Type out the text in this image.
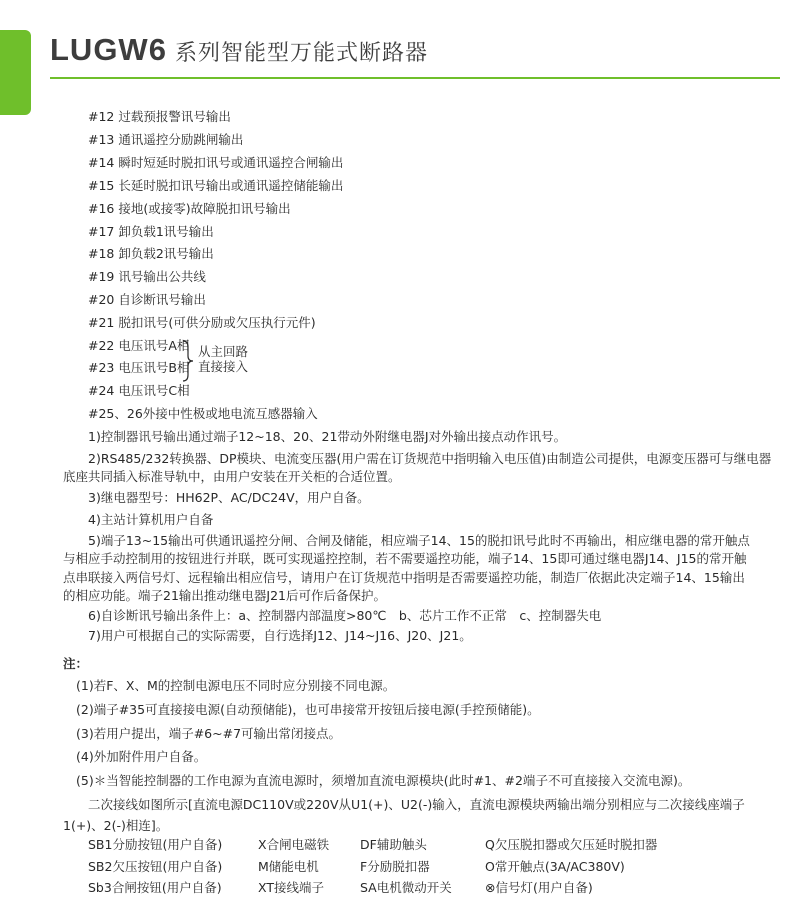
LUGW6 系列智能型万能式断路器
#12 过载预报警讯号输出
#13 通讯遥控分励跳闸输出
#14 瞬时短延时脱扣讯号或通讯遥控合闸输出
#15 长延时脱扣讯号输出或通讯遥控储能输出
#16 接地(或接零)故障脱扣讯号输出
#17 卸负载1讯号输出
#18 卸负载2讯号输出
#19 讯号输出公共线
#20 自诊断讯号输出
#21 脱扣讯号(可供分励或欠压执行元件)
#22 电压讯号A相
#23 电压讯号B相
#24 电压讯号C相
从主回路
直接接入
#25、26外接中性极或地电流互感器输入
1)控制器讯号输出通过端子12~18、20、21带动外附继电器J对外输出接点动作讯号。
2)RS485/232转换器、DP模块、电流变压器(用户需在订货规范中指明输入电压值)由制造公司提供，电源变压器可与继电器
底座共同插入标准导轨中，由用户安装在开关柜的合适位置。
3)继电器型号：HH62P、AC/DC24V，用户自备。
4)主站计算机用户自备
5)端子13~15输出可供通讯遥控分闸、合闸及储能，相应端子14、15的脱扣讯号此时不再输出，相应继电器的常开触点
与相应手动控制用的按钮进行并联，既可实现遥控控制，若不需要遥控功能，端子14、15即可通过继电器J14、J15的常开触
点串联接入两信号灯、远程输出相应信号，请用户在订货规范中指明是否需要遥控功能，制造厂依据此决定端子14、15输出
的相应功能。端子21输出推动继电器J21后可作后备保护。
6)自诊断讯号输出条件上：a、控制器内部温度>80℃　b、芯片工作不正常　c、控制器失电
7)用户可根据自己的实际需要，自行选择J12、J14~J16、J20、J21。
注：
(1)若F、X、M的控制电源电压不同时应分别接不同电源。
(2)端子#35可直接接电源(自动预储能)，也可串接常开按钮后接电源(手控预储能)。
(3)若用户提出，端子#6~#7可输出常闭接点。
(4)外加附件用户自备。
(5)＊当智能控制器的工作电源为直流电源时，须增加直流电源模块(此时#1、#2端子不可直接接入交流电源)。
二次接线如图所示[直流电源DC110V或220V从U1(+)、U2(-)输入，直流电源模块两输出端分别相应与二次接线座端子
1(+)、2(-)相连]。
SB1分励按钮(用户自备)	X合闸电磁铁 DF辅助触头	Q欠压脱扣器或欠压延时脱扣器
SB2欠压按钮(用户自备)	M储能电机	F分励脱扣器	O常开触点(3A/AC380V)
Sb3合闸按钮(用户自备)	XT接线端子	SA电机微动开关	⊗信号灯(用户自备)
